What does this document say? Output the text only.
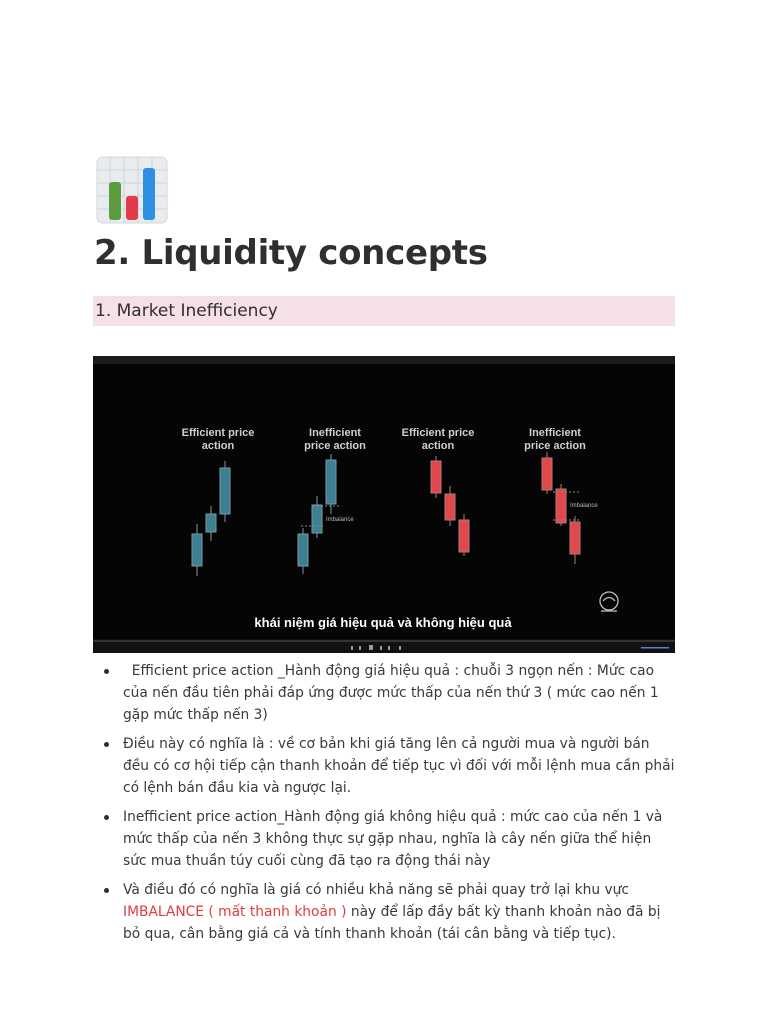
2. Liquidity concepts
1. Market Inefficiency
Efficient price
action
Inefficient
price action
Efficient price
action
Inefficient
price action
Imbalance
Imbalance
khái niệm giá hiệu quả và không hiệu quả
Efficient price action _Hành động giá hiệu quả : chuỗi 3 ngọn nến : Mức cao của nến đầu tiên phải đáp ứng được mức thấp của nến thứ 3 ( mức cao nến 1 gặp mức thấp nến 3)
Điều này có nghĩa là : về cơ bản khi giá tăng lên cả người mua và người bán đều có cơ hội tiếp cận thanh khoản để tiếp tục vì đối với mỗi lệnh mua cần phải có lệnh bán đầu kia và ngược lại.
Inefficient price action_Hành động giá không hiệu quả : mức cao của nến 1 và mức thấp của nến 3 không thực sự gặp nhau, nghĩa là cây nến giữa thể hiện sức mua thuần túy cuối cùng đã tạo ra động thái này
Và điều đó có nghĩa là giá có nhiều khả năng sẽ phải quay trở lại khu vực IMBALANCE ( mất thanh khoản ) này để lấp đầy bất kỳ thanh khoản nào đã bị bỏ qua, cân bằng giá cả và tính thanh khoản (tái cân bằng và tiếp tục).
